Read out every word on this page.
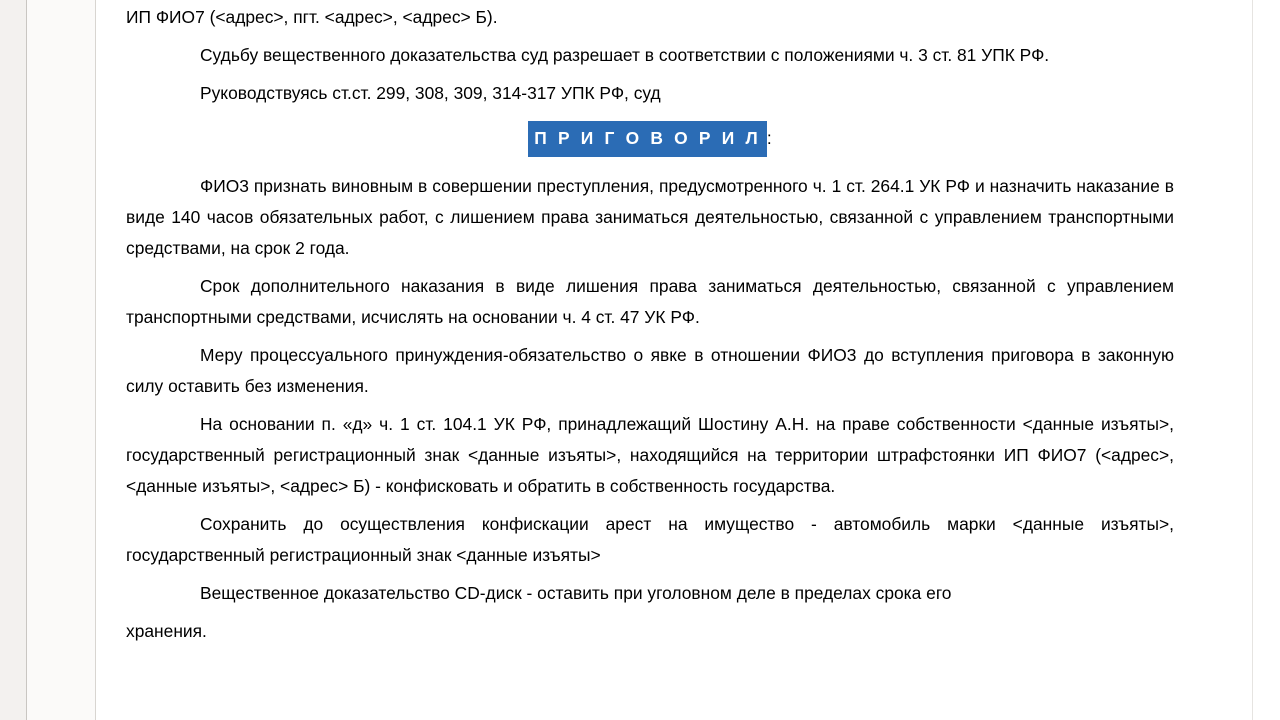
ИП ФИО7 (<адрес>, пгт. <адрес>, <адрес> Б).

Судьбу вещественного доказательства суд разрешает в соответствии с положениями ч. 3 ст. 81 УПК РФ.

Руководствуясь ст.ст. 299, 308, 309, 314-317 УПК РФ, суд

П Р И Г О В О Р И Л :

ФИО3 признать виновным в совершении преступления, предусмотренного ч. 1 ст. 264.1 УК РФ и назначить наказание в виде 140 часов обязательных работ, с лишением права заниматься деятельностью, связанной с управлением транспортными средствами, на срок 2 года.

Срок дополнительного наказания в виде лишения права заниматься деятельностью, связанной с управлением транспортными средствами, исчислять на основании ч. 4 ст. 47 УК РФ.

Меру процессуального принуждения-обязательство о явке в отношении ФИО3 до вступления приговора в законную силу оставить без изменения.

На основании п. «д» ч. 1 ст. 104.1 УК РФ, принадлежащий Шостину А.Н. на праве собственности <данные изъяты>, государственный регистрационный знак <данные изъяты>, находящийся на территории штрафстоянки ИП ФИО7 (<адрес>, <данные изъяты>, <адрес> Б) - конфисковать и обратить в собственность государства.

Сохранить до осуществления конфискации арест на имущество - автомобиль марки <данные изъяты>, государственный регистрационный знак <данные изъяты>

Вещественное доказательство CD-диск - оставить при уголовном деле в пределах срока его

хранения.
